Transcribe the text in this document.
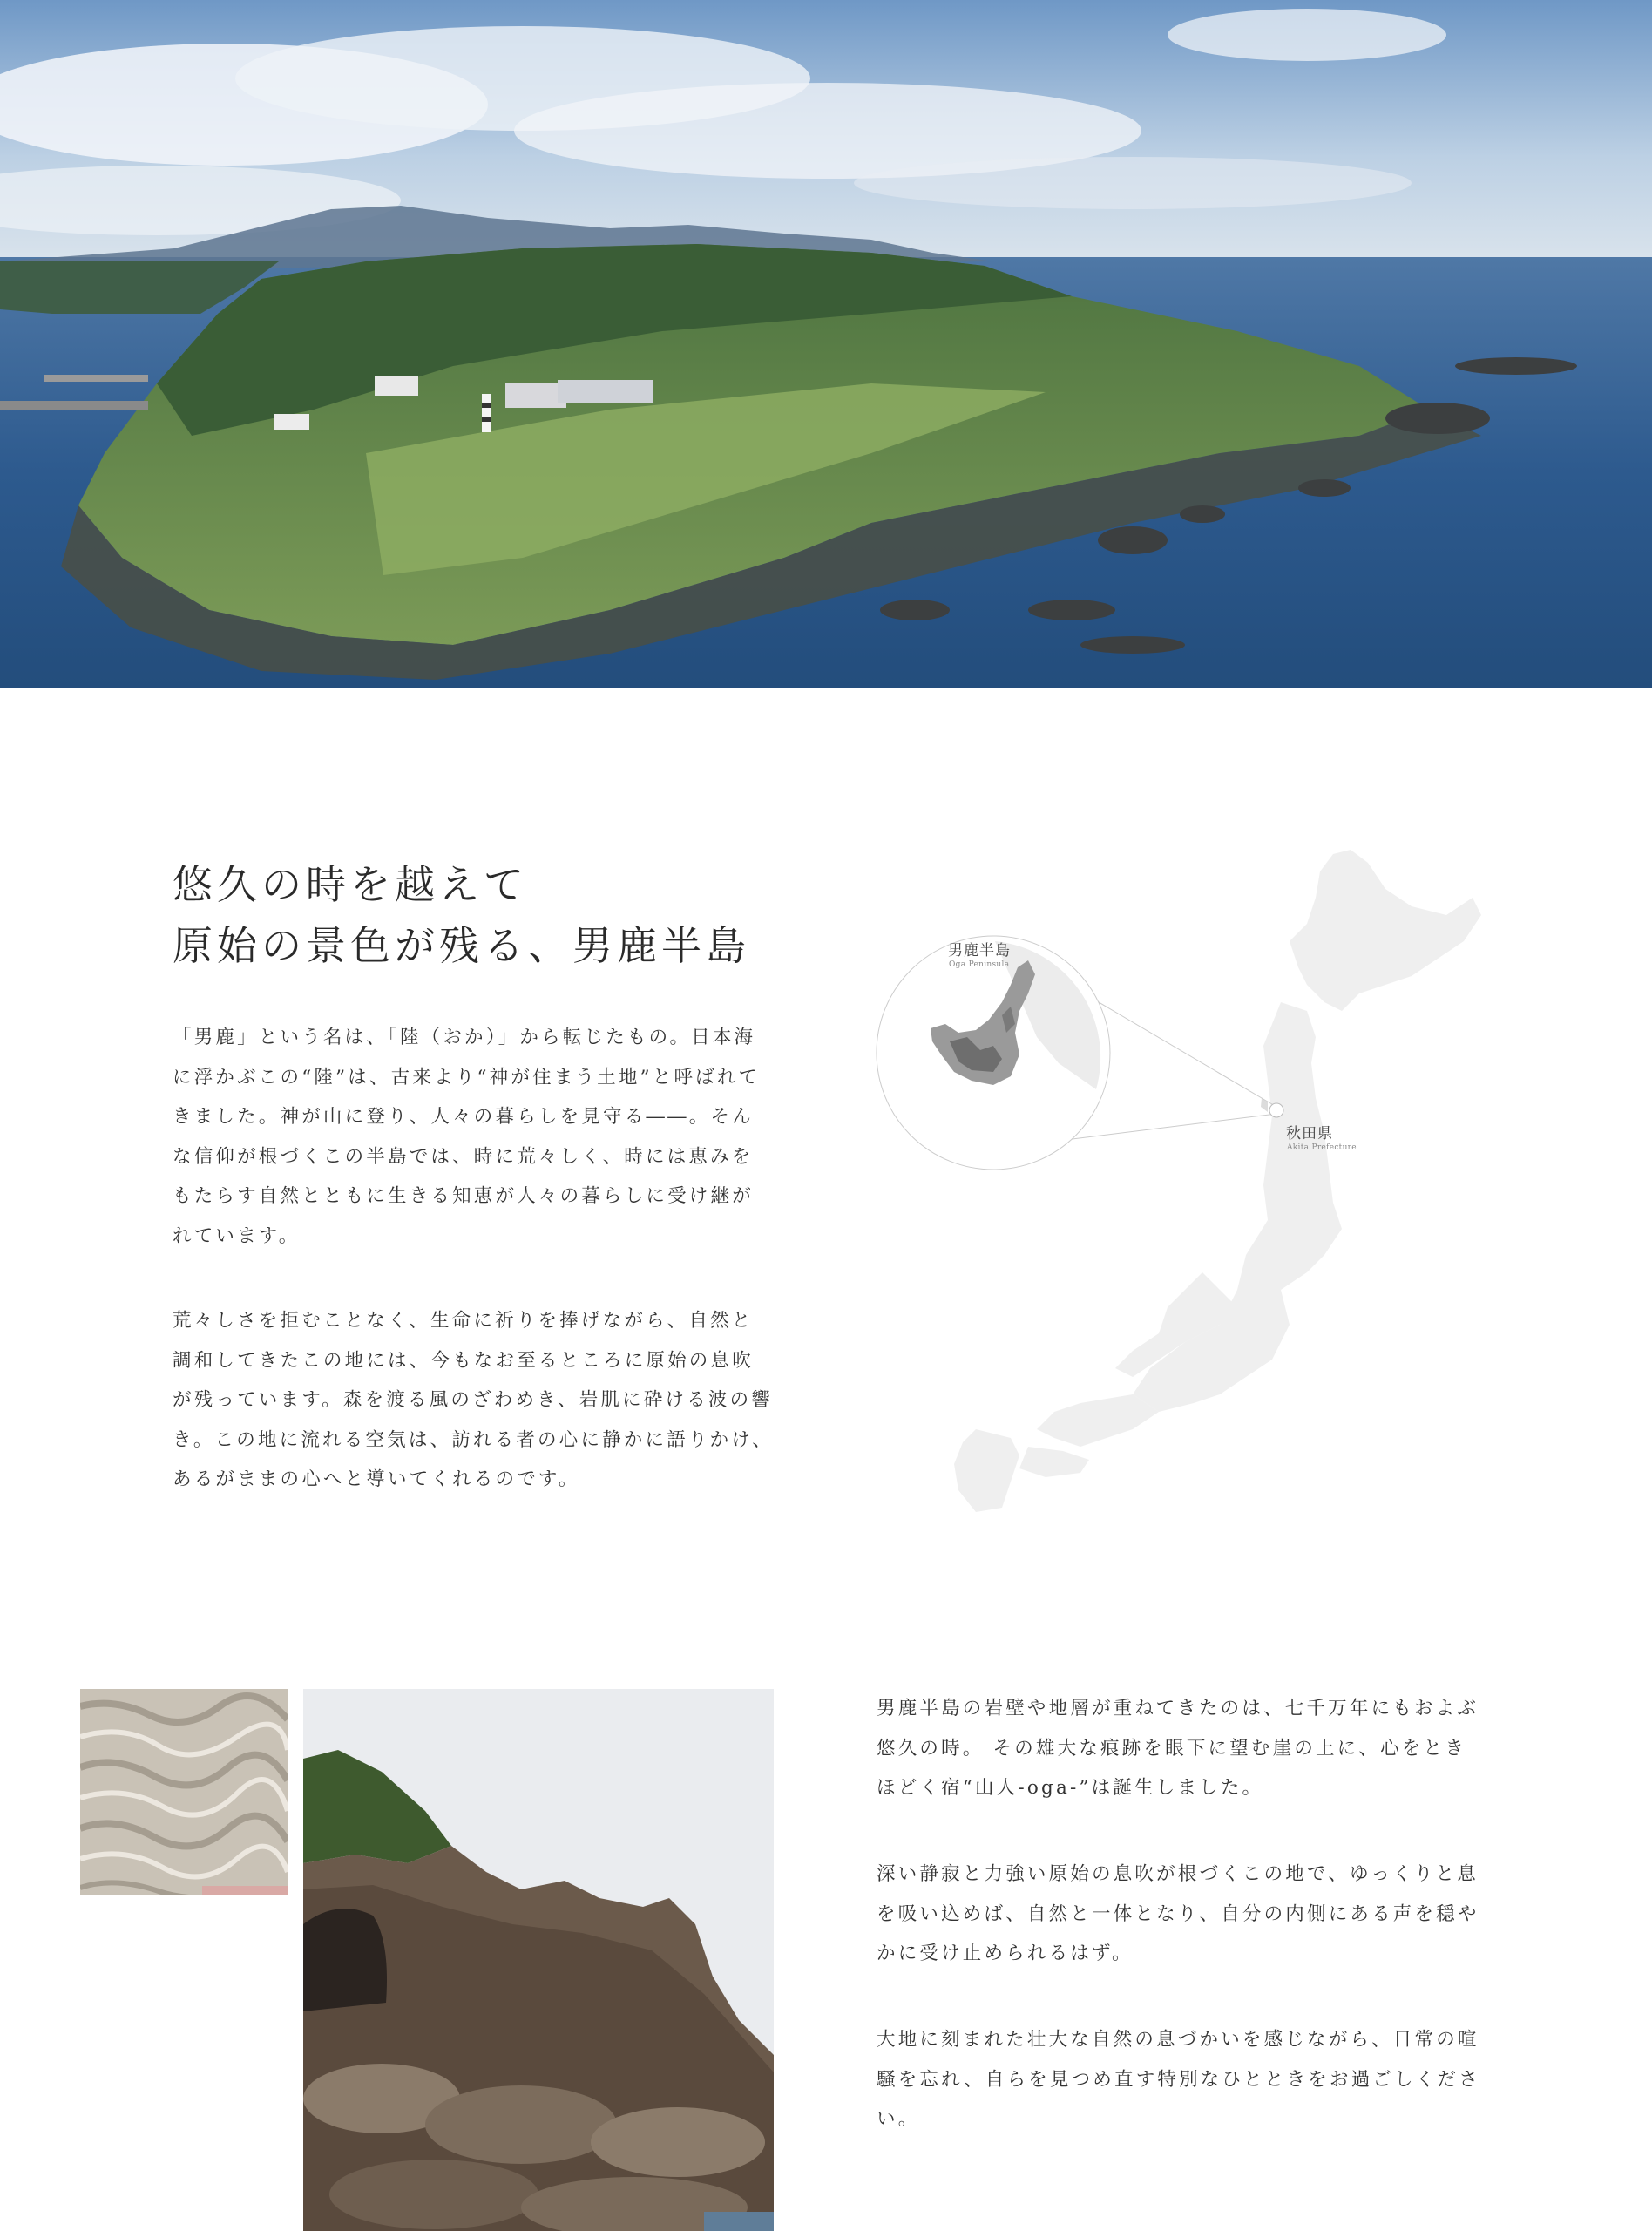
悠久の時を越えて
原始の景色が残る、男鹿半島

「男鹿」という名は、「陸（おか）」から転じたもの。日本海に浮かぶこの“陸”は、古来より“神が住まう土地”と呼ばれてきました。神が山に登り、人々の暮らしを見守る――。そんな信仰が根づくこの半島では、時に荒々しく、時には恵みをもたらす自然とともに生きる知恵が人々の暮らしに受け継がれています。

荒々しさを拒むことなく、生命に祈りを捧げながら、自然と調和してきたこの地には、今もなお至るところに原始の息吹が残っています。森を渡る風のざわめき、岩肌に砕ける波の響き。この地に流れる空気は、訪れる者の心に静かに語りかけ、あるがままの心へと導いてくれるのです。

男鹿半島

Oga Peninsula

秋田県

Akita Prefecture

男鹿半島の岩壁や地層が重ねてきたのは、七千万年にもおよぶ悠久の時。 その雄大な痕跡を眼下に望む崖の上に、心をときほどく宿“山人-oga-”は誕生しました。

深い静寂と力強い原始の息吹が根づくこの地で、ゆっくりと息を吸い込めば、自然と一体となり、自分の内側にある声を穏やかに受け止められるはず。

大地に刻まれた壮大な自然の息づかいを感じながら、日常の喧騒を忘れ、自らを見つめ直す特別なひとときをお過ごしください。
